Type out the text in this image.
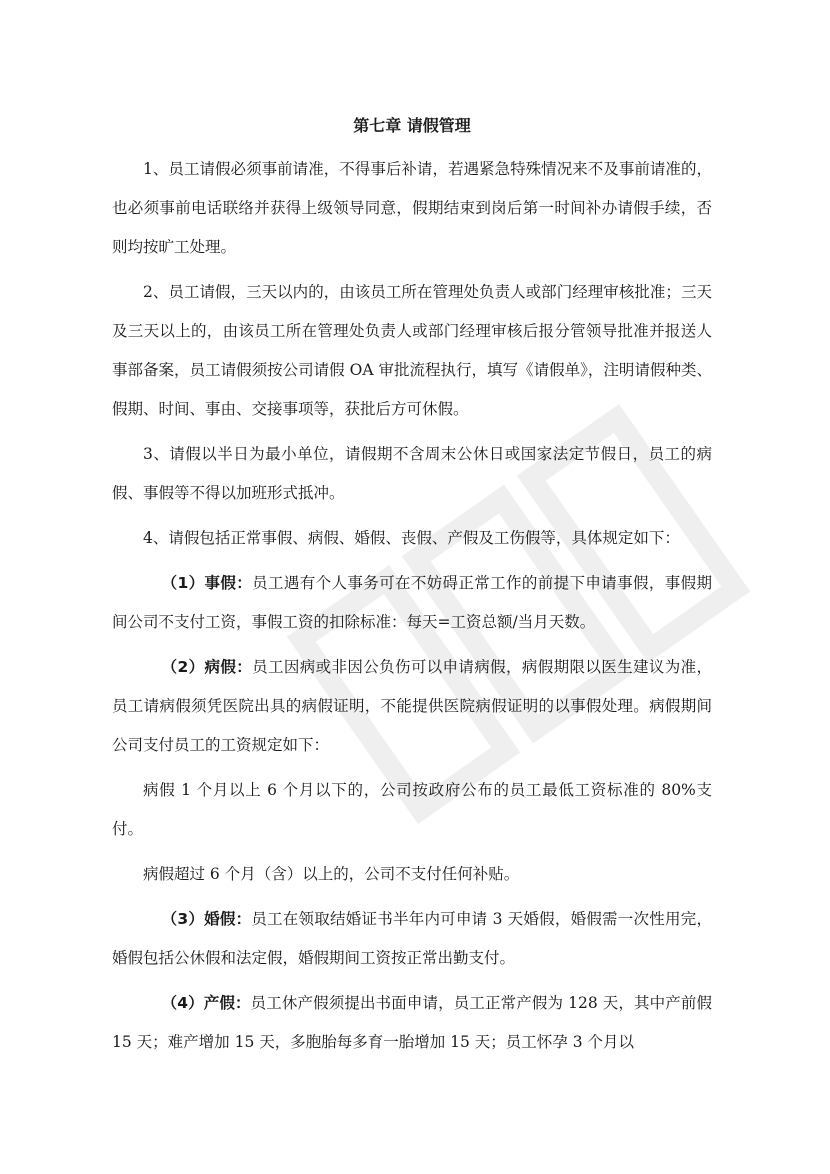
第七章 请假管理

1、员工请假必须事前请准，不得事后补请，若遇紧急特殊情况来不及事前请准的，也必须事前电话联络并获得上级领导同意，假期结束到岗后第一时间补办请假手续，否则均按旷工处理。

2、员工请假，三天以内的，由该员工所在管理处负责人或部门经理审核批准；三天及三天以上的，由该员工所在管理处负责人或部门经理审核后报分管领导批准并报送人事部备案，员工请假须按公司请假 OA 审批流程执行，填写《请假单》，注明请假种类、假期、时间、事由、交接事项等，获批后方可休假。

3、请假以半日为最小单位，请假期不含周末公休日或国家法定节假日，员工的病假、事假等不得以加班形式抵冲。

4、请假包括正常事假、病假、婚假、丧假、产假及工伤假等，具体规定如下：

（1）事假：员工遇有个人事务可在不妨碍正常工作的前提下申请事假，事假期间公司不支付工资，事假工资的扣除标准：每天=工资总额/当月天数。

（2）病假：员工因病或非因公负伤可以申请病假，病假期限以医生建议为准，员工请病假须凭医院出具的病假证明，不能提供医院病假证明的以事假处理。病假期间公司支付员工的工资规定如下：

病假 1 个月以上 6 个月以下的，公司按政府公布的员工最低工资标准的 80%支付。

病假超过 6 个月（含）以上的，公司不支付任何补贴。

（3）婚假：员工在领取结婚证书半年内可申请 3 天婚假，婚假需一次性用完，婚假包括公休假和法定假，婚假期间工资按正常出勤支付。

（4）产假：员工休产假须提出书面申请，员工正常产假为 128 天，其中产前假 15 天；难产增加 15 天，多胞胎每多育一胎增加 15 天；员工怀孕 3 个月以
